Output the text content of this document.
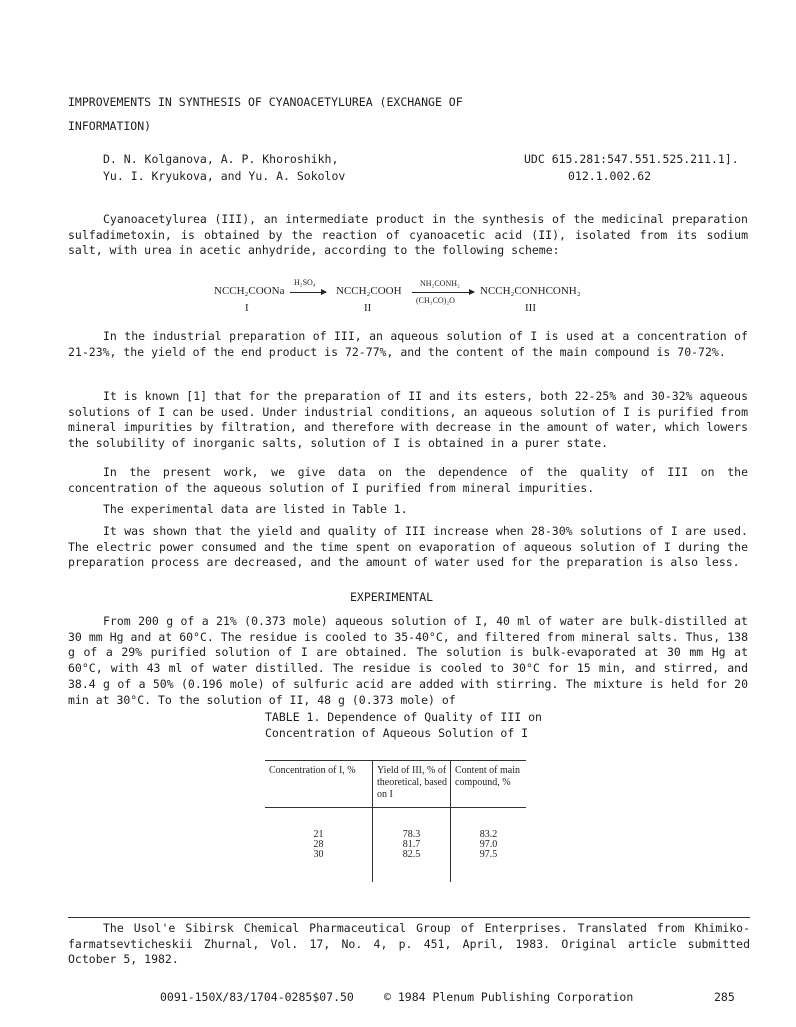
IMPROVEMENTS IN SYNTHESIS OF CYANOACETYLUREA (EXCHANGE OF INFORMATION)
D. N. Kolganova, A. P. Khoroshikh,
Yu. I. Kryukova, and Yu. A. Sokolov
UDC 615.281:547.551.525.211.1].
012.1.002.62

Cyanoacetylurea (III), an intermediate product in the synthesis of the medicinal preparation sulfadimetoxin, is obtained by the reaction of cyanoacetic acid (II), isolated from its sodium salt, with urea in acetic anhydride, according to the following scheme:

NCCH₂COONa
I
H₂SO₄
→ NCCH₂COOH
II
NH₂CONH₂
(CH₃CO)₂O
NCCH₂CONHCONH₂
III

In the industrial preparation of III, an aqueous solution of I is used at a concentration of 21-23%, the yield of the end product is 72-77%, and the content of the main compound is 70-72%.

It is known [1] that for the preparation of II and its esters, both 22-25% and 30-32% aqueous solutions of I can be used. Under industrial conditions, an aqueous solution of I is purified from mineral impurities by filtration, and therefore with decrease in the amount of water, which lowers the solubility of inorganic salts, solution of I is obtained in a purer state.

In the present work, we give data on the dependence of the quality of III on the concentration of the aqueous solution of I purified from mineral impurities.

The experimental data are listed in Table 1.

It was shown that the yield and quality of III increase when 28-30% solutions of I are used. The electric power consumed and the time spent on evaporation of aqueous solution of I during the preparation process are decreased, and the amount of water used for the preparation is also less.

EXPERIMENTAL

From 200 g of a 21% (0.373 mole) aqueous solution of I, 40 ml of water are bulk-distilled at 30 mm Hg and at 60°C. The residue is cooled to 35-40°C, and filtered from mineral salts. Thus, 138 g of a 29% purified solution of I are obtained. The solution is bulk-evaporated at 30 mm Hg at 60°C, with 43 ml of water distilled. The residue is cooled to 30°C for 15 min, and stirred, and 38.4 g of a 50% (0.196 mole) of sulfuric acid are added with stirring. The mixture is held for 20 min at 30°C. To the solution of II, 48 g (0.373 mole) of

TABLE 1. Dependence of Quality of III on Concentration of Aqueous Solution of I
Concentration of I, %	Yield of III, % of theoretical, based on I	Content of main compound, %

21	78.3	83.2
28	81.7	97.0
30	82.5	97.5
The Usol'e Sibirsk Chemical Pharmaceutical Group of Enterprises. Translated from Khimiko-farmatsevticheskii Zhurnal, Vol. 17, No. 4, p. 451, April, 1983. Original article submitted October 5, 1982.
0091-150X/83/1704-0285$07.50	© 1984 Plenum Publishing Corporation	285
